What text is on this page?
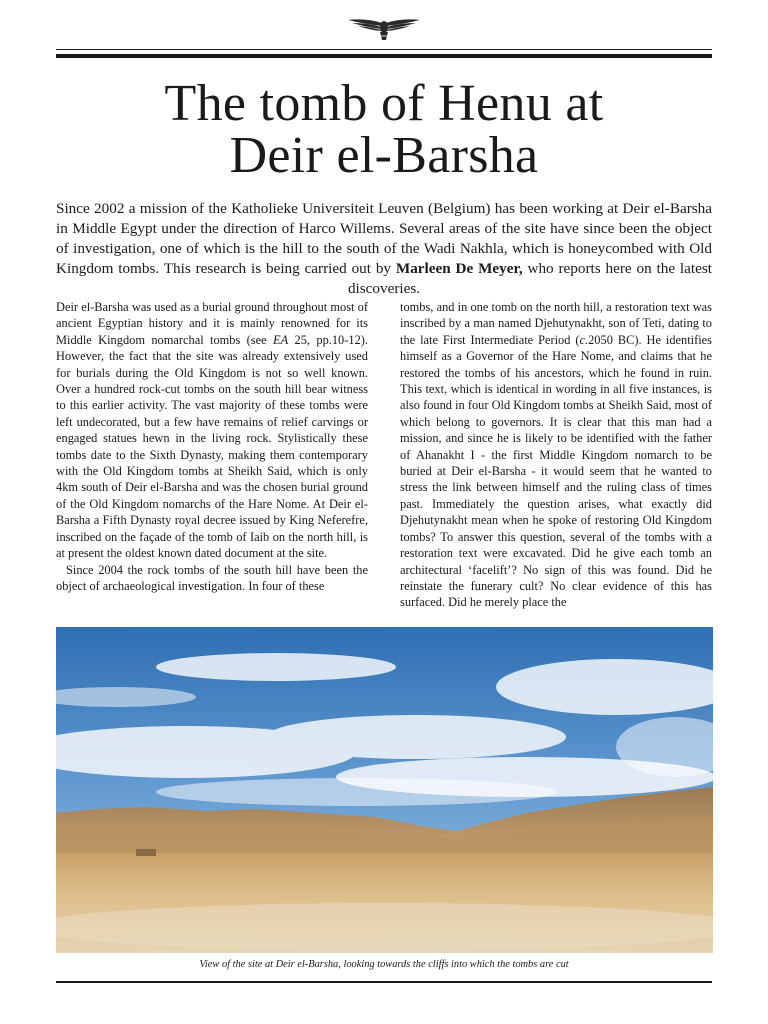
The tomb of Henu at
Deir el-Barsha

Since 2002 a mission of the Katholieke Universiteit Leuven (Belgium) has been working at Deir el-Barsha in Middle Egypt under the direction of Harco Willems. Several areas of the site have since been the object of investigation, one of which is the hill to the south of the Wadi Nakhla, which is honeycombed with Old Kingdom tombs. This research is being carried out by Marleen De Meyer, who reports here on the latest discoveries.

Deir el-Barsha was used as a burial ground throughout most of ancient Egyptian history and it is mainly renowned for its Middle Kingdom nomarchal tombs (see EA 25, pp.10-12). However, the fact that the site was already extensively used for burials during the Old Kingdom is not so well known. Over a hundred rock-cut tombs on the south hill bear witness to this earlier activity. The vast majority of these tombs were left undecorated, but a few have remains of relief carvings or engaged statues hewn in the living rock. Stylistically these tombs date to the Sixth Dynasty, making them contemporary with the Old Kingdom tombs at Sheikh Said, which is only 4km south of Deir el-Barsha and was the chosen burial ground of the Old Kingdom nomarchs of the Hare Nome. At Deir el-Barsha a Fifth Dynasty royal decree issued by King Neferefre, inscribed on the façade of the tomb of Iaib on the north hill, is at present the oldest known dated document at the site.

Since 2004 the rock tombs of the south hill have been the object of archaeological investigation. In four of these

tombs, and in one tomb on the north hill, a restoration text was inscribed by a man named Djehutynakht, son of Teti, dating to the late First Intermediate Period (c.2050 BC). He identifies himself as a Governor of the Hare Nome, and claims that he restored the tombs of his ancestors, which he found in ruin. This text, which is identical in wording in all five instances, is also found in four Old Kingdom tombs at Sheikh Said, most of which belong to governors. It is clear that this man had a mission, and since he is likely to be identified with the father of Ahanakht I - the first Middle Kingdom nomarch to be buried at Deir el-Barsha - it would seem that he wanted to stress the link between himself and the ruling class of times past. Immediately the question arises, what exactly did Djehutynakht mean when he spoke of restoring Old Kingdom tombs? To answer this question, several of the tombs with a restoration text were excavated. Did he give each tomb an architectural ‘facelift’? No sign of this was found. Did he reinstate the funerary cult? No clear evidence of this has surfaced. Did he merely place the

View of the site at Deir el-Barsha, looking towards the cliffs into which the tombs are cut
